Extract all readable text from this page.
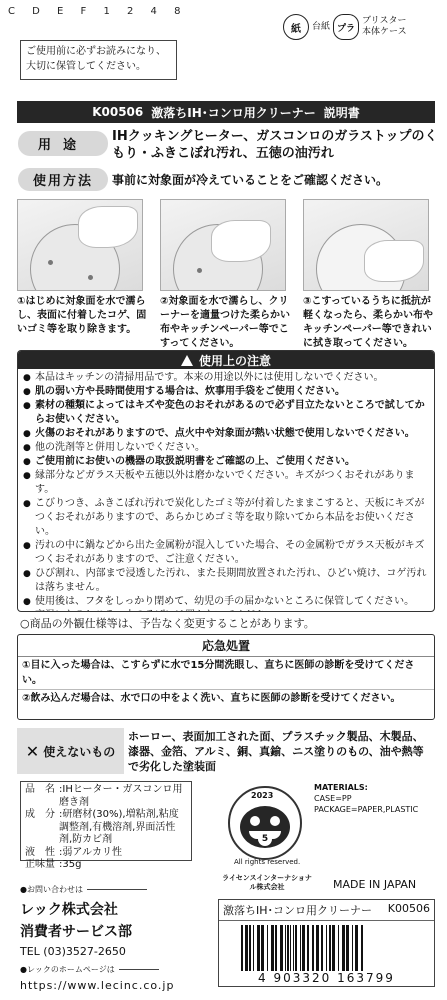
C D E F 1 2 4 8
ご使用前に必ずお読みになり、大切に保管してください。
紙	台紙 プラ
ブリスター 本体ケース
K00506 激落ちIH･コンロ用クリーナー 説明書
用途
IHクッキングヒーター、ガスコンロのガラストップのくもり・ふきこぼれ汚れ、五徳の油汚れ
使用方法	事前に対象面が冷えていることをご確認ください。
①はじめに対象面を水で濡らし、表面に付着したコゲ、固いゴミ等を取り除きます。
②対象面を水で濡らし、クリーナーを適量つけた柔らかい布やキッチンペーパー等でこすってください。
③こすっているうちに抵抗が軽くなったら、柔らかい布やキッチンペーパー等できれいに拭き取ってください。
使用上の注意
● 本品はキッチンの清掃用品です。本来の用途以外には使用しないでください。
● 肌の弱い方や長時間使用する場合は、炊事用手袋をご使用ください。
● 素材の種類によってはキズや変色のおそれがあるので必ず目立たないところで試してからお使いください。
● 火傷のおそれがありますので、点火中や対象面が熱い状態で使用しないでください。
● 他の洗剤等と併用しないでください。
● ご使用前にお使いの機器の取扱説明書をご確認の上、ご使用ください。
● 縁部分などガラス天板や五徳以外は磨かないでください。キズがつくおそれがあります。
● こびりつき、ふきこぼれ汚れで炭化したゴミ等が付着したままこすると、天板にキズがつくおそれがありますので、あらかじめゴミ等を取り除いてから本品をお使いください。
● 汚れの中に鍋などから出た金属粉が混入していた場合、その金属粉でガラス天板がキズつくおそれがありますので、ご注意ください。
● ひび割れ、内部まで浸透した汚れ、また長期間放置された汚れ、ひどい焼け、コゲ汚れは落ちません。
● 使用後は、フタをしっかり閉めて、幼児の手の届かないところに保管してください。
●
○商品の外観仕様等は、予告なく変更することがあります。
応急処置
①目に入った場合は、こすらずに水で15分間洗眼し、直ちに医師の診断を受けてください。
②飲み込んだ場合は、水で口の中をよく洗い、直ちに医師の診断を受けてください。
✕ 使えないもの
ホーロー、表面加工された面、プラスチック製品、木製品、漆器、金箔、アルミ、銅、真鍮、ニス塗りのもの、油や熱等で劣化した塗装面
品　名 :IHヒーター・ガスコンロ用磨き剤
成　分 :研磨材(30%),増粘剤,粘度調整剤,有機溶剤,界面活性剤,防カビ剤
液　性 :弱アルカリ性
正味量 :35g
5
2023
All rights reserved.
ライセンスインターナショナル株式会社
MATERIALS:
CASE=PP
PACKAGE=PAPER,PLASTIC
MADE IN JAPAN
●お問い合わせは
レック株式会社
消費者サービス部
TEL (03)3527-2650
●レックのホームページは
https://www.lecinc.co.jp
激落ちIH･コンロ用クリーナー K00506
4 903320 163799
